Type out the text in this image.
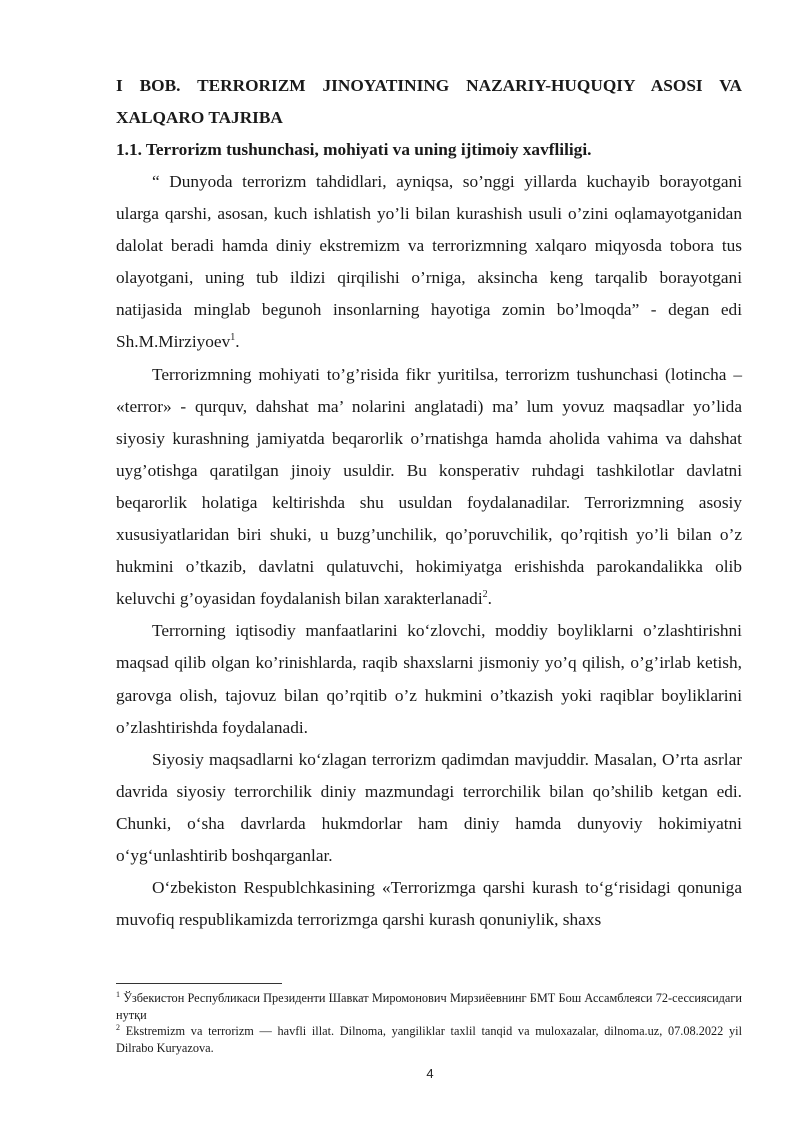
I BOB. TERRORIZM JINOYATINING NAZARIY-HUQUQIY ASOSI VA XALQARO TAJRIBA

1.1. Terrorizm tushunchasi, mohiyati va uning ijtimoiy xavfliligi.

“ Dunyoda terrorizm tahdidlari, ayniqsa, so’nggi yillarda kuchayib borayotgani ularga qarshi, asosan, kuch ishlatish yo’li bilan kurashish usuli o’zini oqlamayotganidan dalolat beradi hamda diniy ekstremizm va terrorizmning xalqaro miqyosda tobora tus olayotgani, uning tub ildizi qirqilishi o’rniga, aksincha keng tarqalib borayotgani natijasida minglab begunoh insonlarning hayotiga zomin bo’lmoqda” - degan edi Sh.M.Mirziyoev$^1$.

Terrorizmning mohiyati to’g’risida fikr yuritilsa, terrorizm tushunchasi (lotincha – «terror» - qurquv, dahshat ma’ nolarini anglatadi) ma’ lum yovuz maqsadlar yo’lida siyosiy kurashning jamiyatda beqarorlik o’rnatishga hamda aholida vahima va dahshat uyg’otishga qaratilgan jinoiy usuldir. Bu konsperativ ruhdagi tashkilotlar davlatni beqarorlik holatiga keltirishda shu usuldan foydalanadilar. Terrorizmning asosiy xususiyatlaridan biri shuki, u buzg’unchilik, qo’poruvchilik, qo’rqitish yo’li bilan o’z hukmini o’tkazib, davlatni qulatuvchi, hokimiyatga erishishda parokandalikka olib keluvchi g’oyasidan foydalanish bilan xarakterlanadi$^2$.

Terrorning iqtisodiy manfaatlarini ko‘zlovchi, moddiy boyliklarni o’zlashtirishni maqsad qilib olgan ko’rinishlarda, raqib shaxslarni jismoniy yo’q qilish, o’g’irlab ketish, garovga olish, tajovuz bilan qo’rqitib o’z hukmini o’tkazish yoki raqiblar boyliklarini o’zlashtirishda foydalanadi.

Siyosiy maqsadlarni ko‘zlagan terrorizm qadimdan mavjuddir. Masalan, O’rta asrlar davrida siyosiy terrorchilik diniy mazmundagi terrorchilik bilan qo’shilib ketgan edi. Chunki, o‘sha davrlarda hukmdorlar ham diniy hamda dunyoviy hokimiyatni o‘yg‘unlashtirib boshqarganlar.

O‘zbekiston Respublchkasining «Terrorizmga qarshi kurash to‘g‘risidagi qonuniga muvofiq respublikamizda terrorizmga qarshi kurash qonuniylik, shaxs

$^1$ Ўзбекистон Республикаси Президенти Шавкат Миромонович Мирзиёевнинг БМТ Бош Ассамблеяси 72-сессиясидаги нутқи

$^2$ Ekstremizm va terrorizm — havfli illat. Dilnoma, yangiliklar taxlil tanqid va muloxazalar, dilnoma.uz, 07.08.2022 yil Dilrabo Kuryazova.

4
